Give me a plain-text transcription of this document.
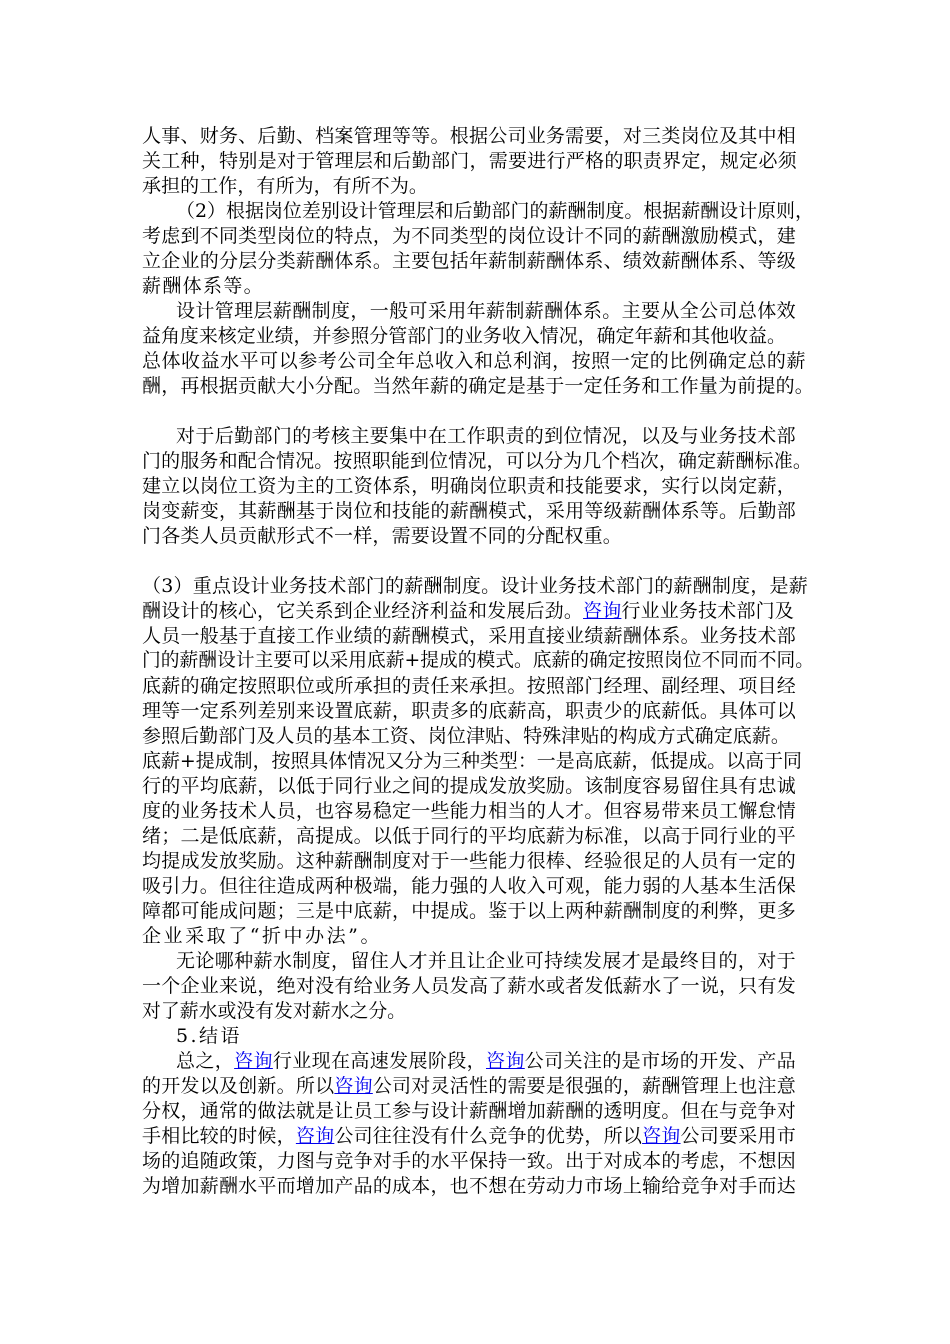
人事、财务、后勤、档案管理等等。根据公司业务需要，对三类岗位及其中相
关工种，特别是对于管理层和后勤部门，需要进行严格的职责界定，规定必须
承担的工作，有所为，有所不为。
（2）根据岗位差别设计管理层和后勤部门的薪酬制度。根据薪酬设计原则，
考虑到不同类型岗位的特点，为不同类型的岗位设计不同的薪酬激励模式，建
立企业的分层分类薪酬体系。主要包括年薪制薪酬体系、绩效薪酬体系、等级
薪酬体系等。
设计管理层薪酬制度，一般可采用年薪制薪酬体系。主要从全公司总体效
益角度来核定业绩，并参照分管部门的业务收入情况，确定年薪和其他收益。
总体收益水平可以参考公司全年总收入和总利润，按照一定的比例确定总的薪
酬，再根据贡献大小分配。当然年薪的确定是基于一定任务和工作量为前提的。
对于后勤部门的考核主要集中在工作职责的到位情况，以及与业务技术部
门的服务和配合情况。按照职能到位情况，可以分为几个档次，确定薪酬标准。
建立以岗位工资为主的工资体系，明确岗位职责和技能要求，实行以岗定薪，
岗变薪变，其薪酬基于岗位和技能的薪酬模式，采用等级薪酬体系等。后勤部
门各类人员贡献形式不一样，需要设置不同的分配权重。
（3）重点设计业务技术部门的薪酬制度。设计业务技术部门的薪酬制度，是薪
酬设计的核心，它关系到企业经济利益和发展后劲。咨询行业业务技术部门及
人员一般基于直接工作业绩的薪酬模式，采用直接业绩薪酬体系。业务技术部
门的薪酬设计主要可以采用底薪+提成的模式。底薪的确定按照岗位不同而不同。
底薪的确定按照职位或所承担的责任来承担。按照部门经理、副经理、项目经
理等一定系列差别来设置底薪，职责多的底薪高，职责少的底薪低。具体可以
参照后勤部门及人员的基本工资、岗位津贴、特殊津贴的构成方式确定底薪。
底薪+提成制，按照具体情况又分为三种类型：一是高底薪，低提成。以高于同
行的平均底薪，以低于同行业之间的提成发放奖励。该制度容易留住具有忠诚
度的业务技术人员，也容易稳定一些能力相当的人才。但容易带来员工懈怠情
绪；二是低底薪，高提成。以低于同行的平均底薪为标准，以高于同行业的平
均提成发放奖励。这种薪酬制度对于一些能力很棒、经验很足的人员有一定的
吸引力。但往往造成两种极端，能力强的人收入可观，能力弱的人基本生活保
障都可能成问题；三是中底薪，中提成。鉴于以上两种薪酬制度的利弊，更多
企业采取了“折中办法”。
无论哪种薪水制度，留住人才并且让企业可持续发展才是最终目的，对于
一个企业来说，绝对没有给业务人员发高了薪水或者发低薪水了一说，只有发
对了薪水或没有发对薪水之分。
5.结语
总之，咨询行业现在高速发展阶段，咨询公司关注的是市场的开发、产品
的开发以及创新。所以咨询公司对灵活性的需要是很强的，薪酬管理上也注意
分权，通常的做法就是让员工参与设计薪酬增加薪酬的透明度。但在与竞争对
手相比较的时候，咨询公司往往没有什么竞争的优势，所以咨询公司要采用市
场的追随政策，力图与竞争对手的水平保持一致。出于对成本的考虑，不想因
为增加薪酬水平而增加产品的成本，也不想在劳动力市场上输给竞争对手而达
